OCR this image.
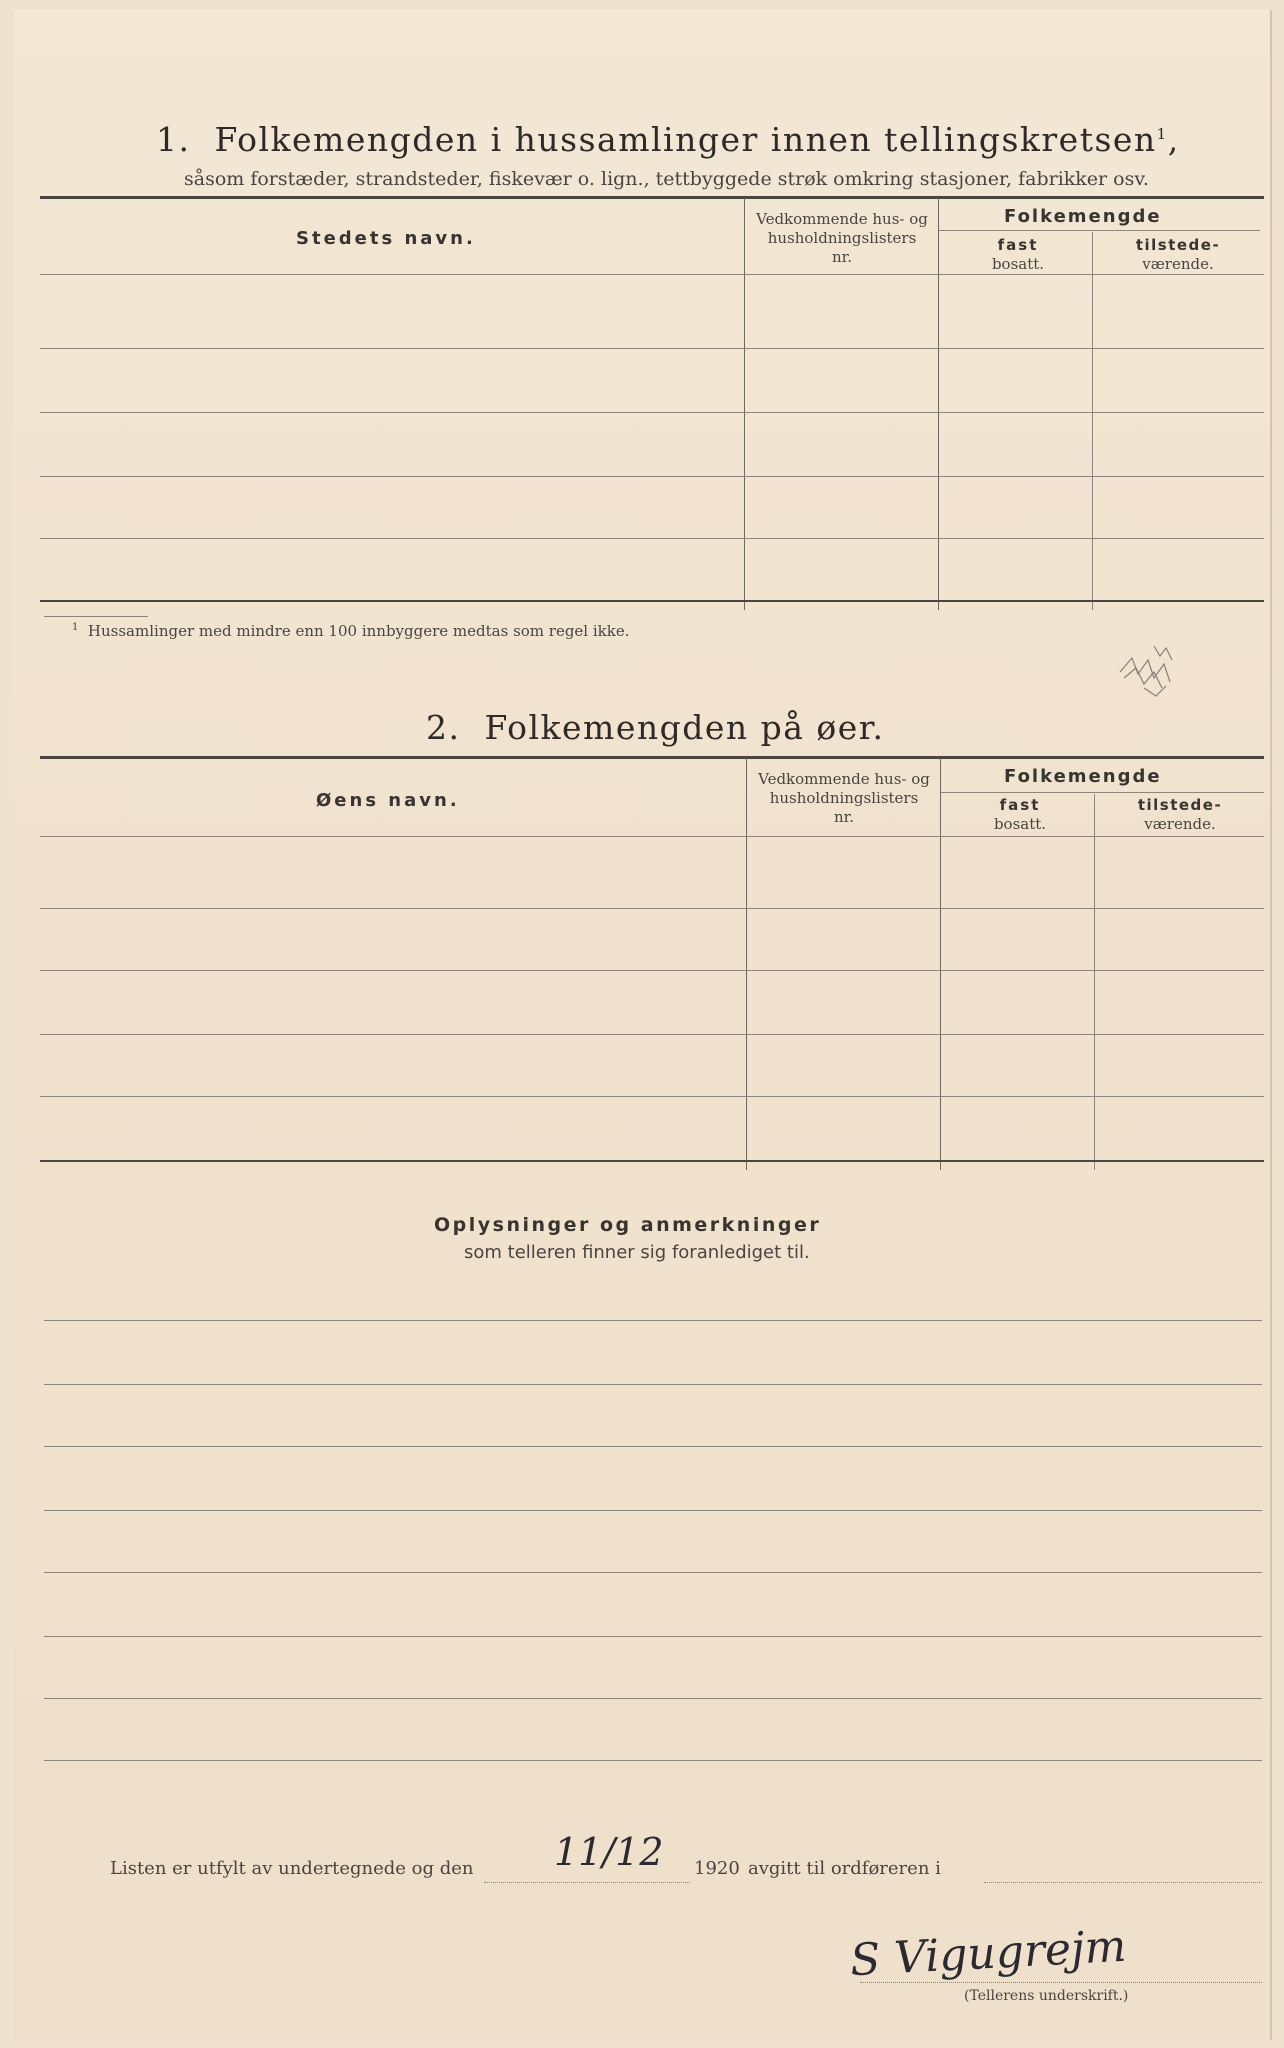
1. Folkemengden i hussamlinger innen tellingskretsen$^1$,
såsom forstæder, strandsteder, fiskevær o. lign., tettbyggede strøk omkring stasjoner, fabrikker osv.
Stedets navn.
Vedkommende hus- og
husholdningslisters
nr.
Folkemengde
fast
bosatt.
tilstede-
værende.
$^1$ Hussamlinger med mindre enn 100 innbyggere medtas som regel ikke.
2. Folkemengden på øer.
Øens navn.
Vedkommende hus- og
husholdningslisters
nr.
Folkemengde
fast
bosatt.
tilstede-
værende.
Oplysninger og anmerkninger
som telleren finner sig foranlediget til.
Listen er utfylt av undertegnede og den 11/12 1920 avgitt til ordføreren i
S Vigugrejm
(Tellerens underskrift.)
